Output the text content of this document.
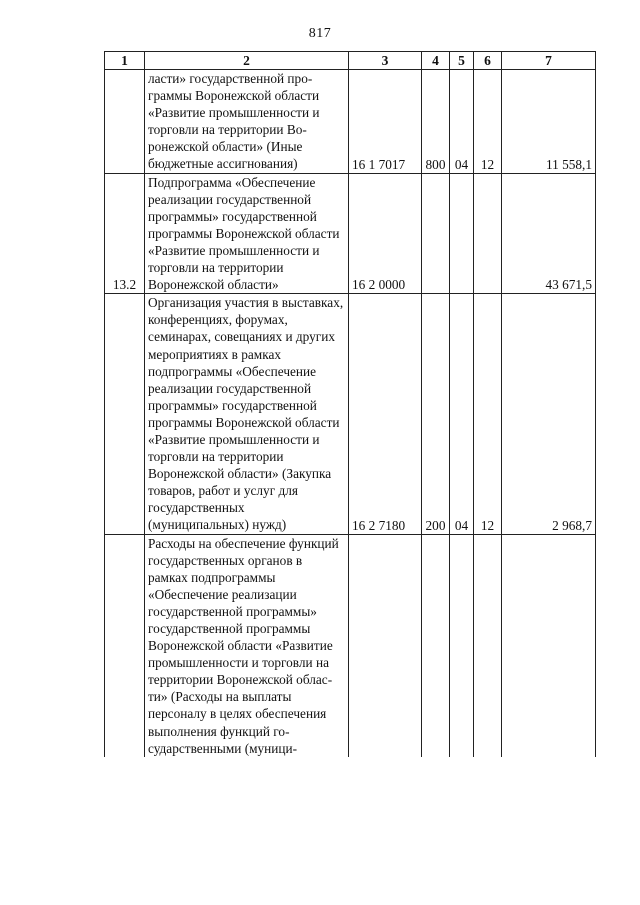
817
1	2	3	4	5	6	7
	ласти» государственной программы Воронежской области «Развитие промышленности и торговли на территории Воронежской области» (Иные бюджетные ассигнования)	16 1 7017	800	04	12	11 558,1
13.2	Подпрограмма «Обеспечение реализации государственной программы» государственной программы Воронежской области «Развитие промышленности и торговли на территории Воронежской области»	16 2 0000				43 671,5
	Организация участия в выставках, конференциях, форумах, семинарах, совещаниях и других мероприятиях в рамках подпрограммы «Обеспечение реализации государственной программы» государственной программы Воронежской области «Развитие промышленности и торговли на территории Воронежской области» (Закупка товаров, работ и услуг для государственных (муниципальных) нужд)	16 2 7180	200	04	12	2 968,7
	Расходы на обеспечение функций государственных органов в рамках подпрограммы «Обеспечение реализации государственной программы» государственной программы Воронежской области «Развитие промышленности и торговли на территории Воронежской области» (Расходы на выплаты персоналу в целях обеспечения выполнения функций государственными (муници-					
